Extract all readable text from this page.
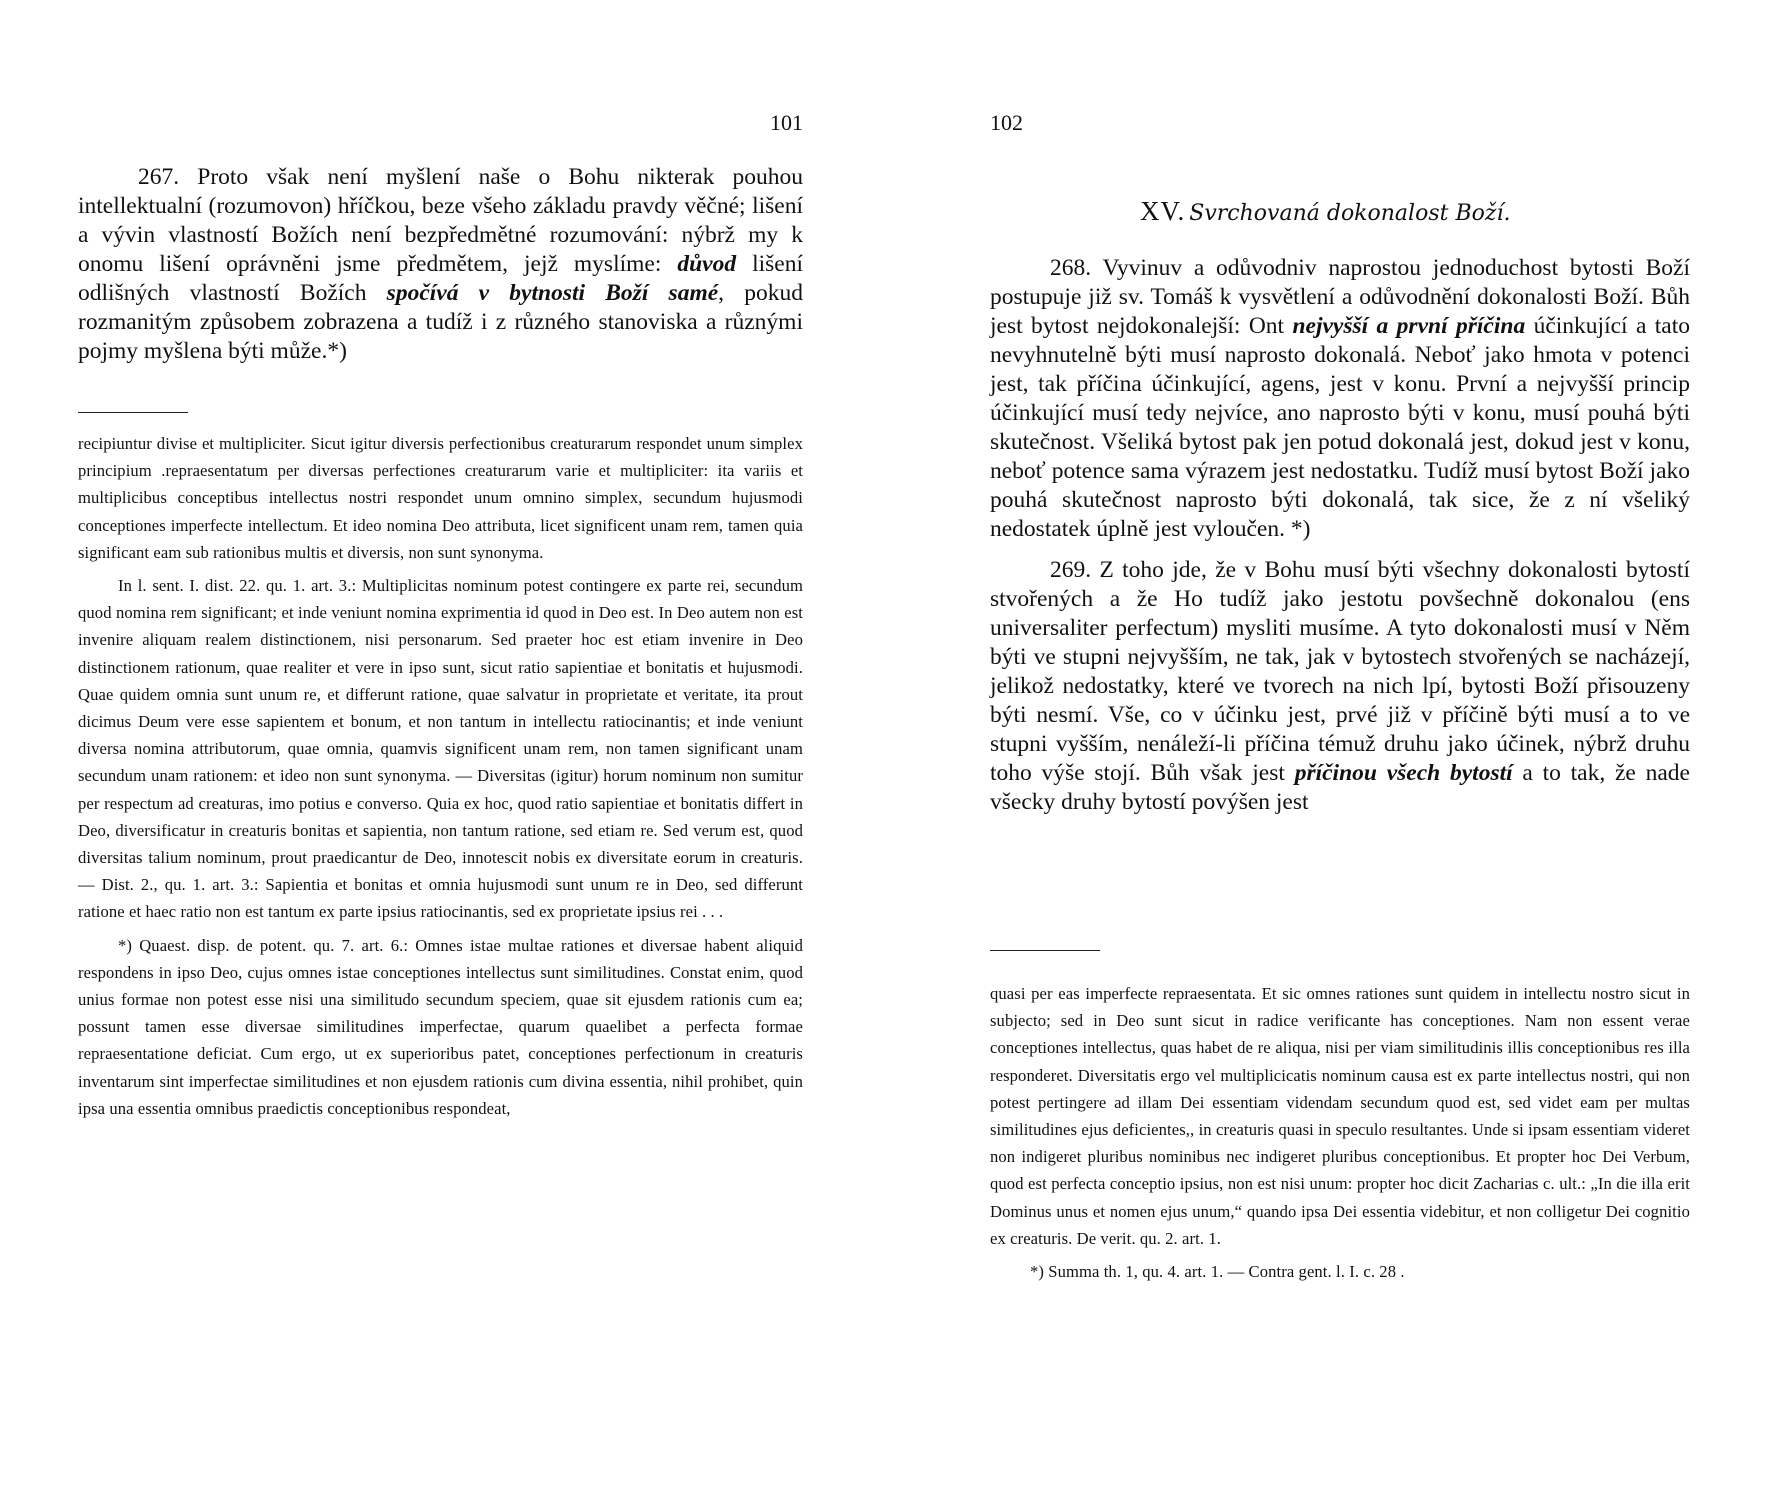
101

267. Proto však není myšlení naše o Bohu nikterak pouhou intellektualní (rozumovon) hříčkou, beze všeho základu pravdy věčné; lišení a vývin vlastností Božích není bezpředmětné rozumování: nýbrž my k onomu lišení oprávněni jsme předmětem, jejž myslíme: důvod lišení odlišných vlastností Božích spočívá v bytnosti Boží samé, pokud rozmanitým způsobem zobrazena a tudíž i z různého stanoviska a různými pojmy myšlena býti může.*)

recipiuntur divise et multipliciter. Sicut igitur diversis perfectionibus creaturarum respondet unum simplex principium .repraesentatum per diversas perfectiones creaturarum varie et multipliciter: ita variis et multiplicibus conceptibus intellectus nostri respondet unum omnino simplex, secundum hujusmodi conceptiones imperfecte intellectum. Et ideo nomina Deo attributa, licet significent unam rem, tamen quia significant eam sub rationibus multis et diversis, non sunt synonyma.

In l. sent. I. dist. 22. qu. 1. art. 3.: Multiplicitas nominum potest contingere ex parte rei, secundum quod nomina rem significant; et inde veniunt nomina exprimentia id quod in Deo est. In Deo autem non est invenire aliquam realem distinctionem, nisi personarum. Sed praeter hoc est etiam invenire in Deo distinctionem rationum, quae realiter et vere in ipso sunt, sicut ratio sapientiae et bonitatis et hujusmodi. Quae quidem omnia sunt unum re, et differunt ratione, quae salvatur in proprietate et veritate, ita prout dicimus Deum vere esse sapientem et bonum, et non tantum in intellectu ratiocinantis; et inde veniunt diversa nomina attributorum, quae omnia, quamvis significent unam rem, non tamen significant unam secundum unam rationem: et ideo non sunt synonyma. — Diversitas (igitur) horum nominum non sumitur per respectum ad creaturas, imo potius e converso. Quia ex hoc, quod ratio sapientiae et bonitatis differt in Deo, diversificatur in creaturis bonitas et sapientia, non tantum ratione, sed etiam re. Sed verum est, quod diversitas talium nominum, prout praedicantur de Deo, innotescit nobis ex diversitate eorum in creaturis. — Dist. 2., qu. 1. art. 3.: Sapientia et bonitas et omnia hujusmodi sunt unum re in Deo, sed differunt ratione et haec ratio non est tantum ex parte ipsius ratiocinantis, sed ex proprietate ipsius rei . . .

*) Quaest. disp. de potent. qu. 7. art. 6.: Omnes istae multae rationes et diversae habent aliquid respondens in ipso Deo, cujus omnes istae conceptiones intellectus sunt similitudines. Constat enim, quod unius formae non potest esse nisi una similitudo secundum speciem, quae sit ejusdem rationis cum ea; possunt tamen esse diversae similitudines imperfectae, quarum quaelibet a perfecta formae repraesentatione deficiat. Cum ergo, ut ex superioribus patet, conceptiones perfectionum in creaturis inventarum sint imperfectae similitudines et non ejusdem rationis cum divina essentia, nihil prohibet, quin ipsa una essentia omnibus praedictis conceptionibus respondeat,

102
XV. Svrchovaná dokonalost Boží.

268. Vyvinuv a odůvodniv naprostou jednoduchost bytosti Boží postupuje již sv. Tomáš k vysvětlení a odůvodnění dokonalosti Boží. Bůh jest bytost nejdokonalejší: Ont nejvyšší a první příčina účinkující a tato nevyhnutelně býti musí naprosto dokonalá. Neboť jako hmota v potenci jest, tak příčina účinkující, agens, jest v konu. První a nejvyšší princip účinkující musí tedy nejvíce, ano naprosto býti v konu, musí pouhá býti skutečnost. Všeliká bytost pak jen potud dokonalá jest, dokud jest v konu, neboť potence sama výrazem jest nedostatku. Tudíž musí bytost Boží jako pouhá skutečnost naprosto býti dokonalá, tak sice, že z ní všeliký nedostatek úplně jest vyloučen. *)

269. Z toho jde, že v Bohu musí býti všechny dokonalosti bytostí stvořených a že Ho tudíž jako jestotu povšechně dokonalou (ens universaliter perfectum) mysliti musíme. A tyto dokonalosti musí v Něm býti ve stupni nejvyšším, ne tak, jak v bytostech stvořených se nacházejí, jelikož nedostatky, které ve tvorech na nich lpí, bytosti Boží přisouzeny býti nesmí. Vše, co v účinku jest, prvé již v příčině býti musí a to ve stupni vyšším, nenáleží-li příčina témuž druhu jako účinek, nýbrž druhu toho výše stojí. Bůh však jest příčinou všech bytostí a to tak, že nade všecky druhy bytostí povýšen jest

quasi per eas imperfecte repraesentata. Et sic omnes rationes sunt quidem in intellectu nostro sicut in subjecto; sed in Deo sunt sicut in radice verificante has conceptiones. Nam non essent verae conceptiones intellectus, quas habet de re aliqua, nisi per viam similitudinis illis conceptionibus res illa responderet. Diversitatis ergo vel multiplicicatis nominum causa est ex parte intellectus nostri, qui non potest pertingere ad illam Dei essentiam videndam secundum quod est, sed videt eam per multas similitudines ejus deficientes,, in creaturis quasi in speculo resultantes. Unde si ipsam essentiam videret non indigeret pluribus nominibus nec indigeret pluribus conceptionibus. Et propter hoc Dei Verbum, quod est perfecta conceptio ipsius, non est nisi unum: propter hoc dicit Zacharias c. ult.: „In die illa erit Dominus unus et nomen ejus unum,“ quando ipsa Dei essentia videbitur, et non colligetur Dei cognitio ex creaturis. De verit. qu. 2. art. 1.

*) Summa th. 1, qu. 4. art. 1. — Contra gent. l. I. c. 28 .
